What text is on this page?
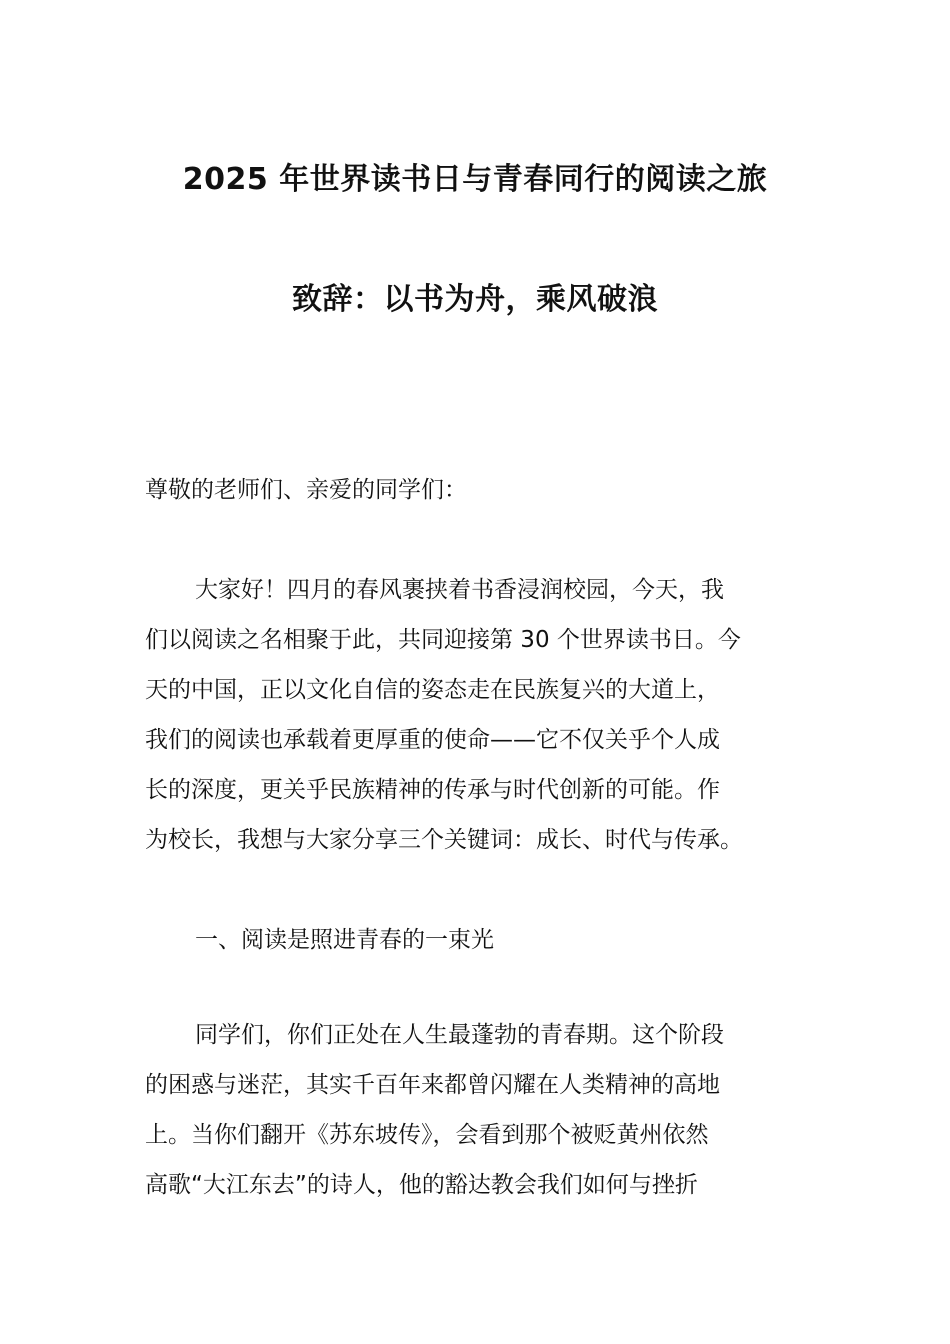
2025 年世界读书日与青春同行的阅读之旅
致辞：以书为舟，乘风破浪

尊敬的老师们、亲爱的同学们：

大家好！四月的春风裹挟着书香浸润校园，今天，我
们以阅读之名相聚于此，共同迎接第 30 个世界读书日。今
天的中国，正以文化自信的姿态走在民族复兴的大道上，
我们的阅读也承载着更厚重的使命——它不仅关乎个人成
长的深度，更关乎民族精神的传承与时代创新的可能。作
为校长，我想与大家分享三个关键词：成长、时代与传承。

一、阅读是照进青春的一束光

同学们，你们正处在人生最蓬勃的青春期。这个阶段
的困惑与迷茫，其实千百年来都曾闪耀在人类精神的高地
上。当你们翻开《苏东坡传》，会看到那个被贬黄州依然
高歌“大江东去”的诗人，他的豁达教会我们如何与挫折
